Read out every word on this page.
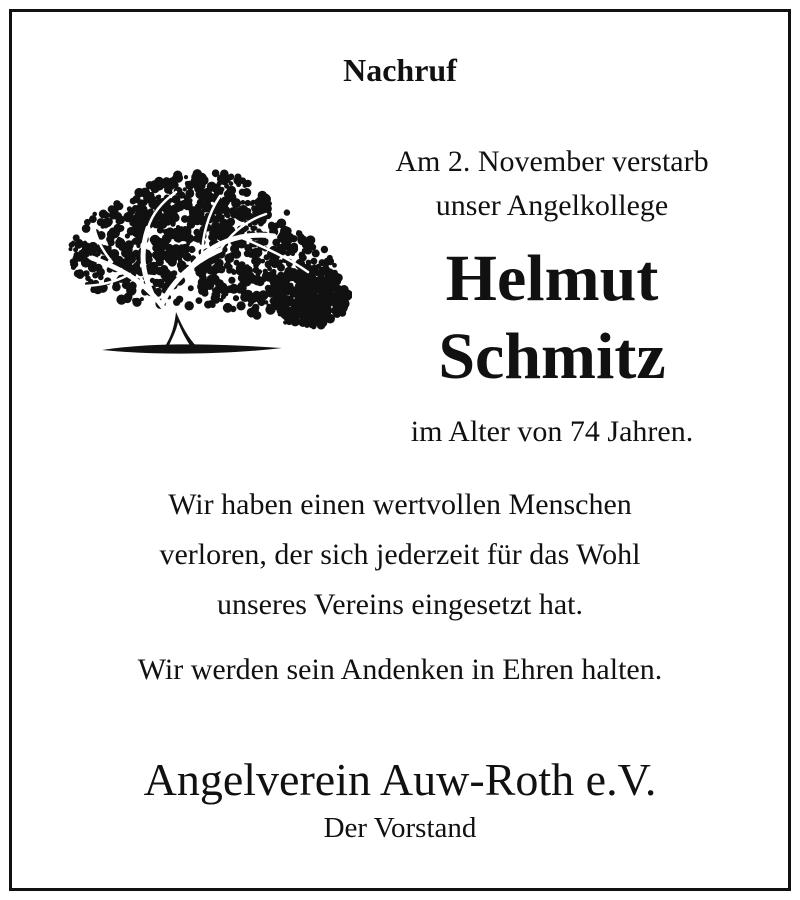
Nachruf

Am 2. November verstarb
unser Angelkollege
Helmut
Schmitz
im Alter von 74 Jahren.
Wir haben einen wertvollen Menschen
verloren, der sich jederzeit für das Wohl
unseres Vereins eingesetzt hat.
Wir werden sein Andenken in Ehren halten.
Angelverein Auw-Roth e.V.
Der Vorstand
